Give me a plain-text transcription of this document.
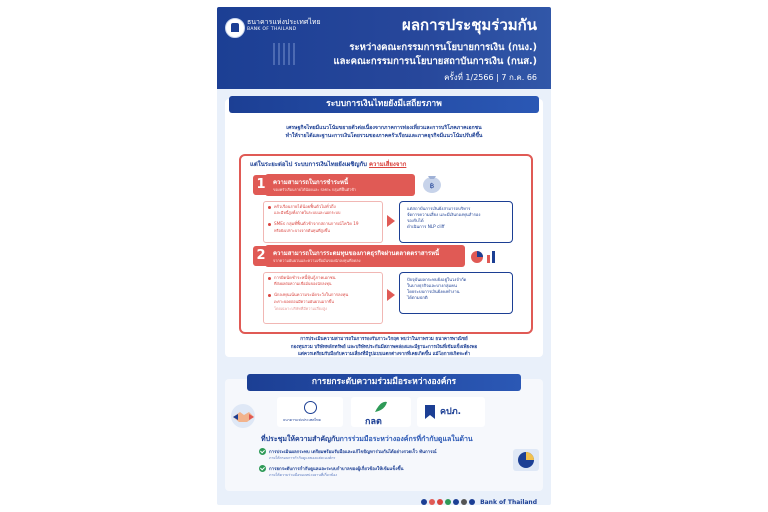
ธนาคารแห่งประเทศไทย
BANK OF THAILAND	ผลการประชุมร่วมกัน
ระหว่างคณะกรรมการนโยบายการเงิน (กนง.)
และคณะกรรมการนโยบายสถาบันการเงิน (กนส.)
ครั้งที่ 1/2566 | 7 ก.ค. 66
ระบบการเงินไทยยังมีเสถียรภาพ
เศรษฐกิจไทยมีแนวโน้มขยายตัวต่อเนื่องจากภาคการท่องเที่ยวและการบริโภคภาคเอกชน
ทำให้รายได้และฐานะการเงินโดยรวมของภาคครัวเรือนและภาคธุรกิจมีแนวโน้มปรับดีขึ้น
แต่ในระยะต่อไป ระบบการเงินไทยยังเผชิญกับ ความเสี่ยงจาก
1	ความสามารถในการชำระหนี้
ของครัวเรือนรายได้น้อยและ SMEs กลุ่มที่ฟื้นตัวช้า	฿
ครัวเรือนรายได้น้อยฟื้นตัวไม่ทั่วถึง
และมีหนี้สูงทั้งภาคในระบบและนอกระบบ
SMEs กลุ่มที่ฟื้นตัวช้าจากสถานการณ์โควิด 19
หรือยังเปราะบางจากต้นทุนที่สูงขึ้น
แต่สถาบันการเงินยังสามารถบริหาร
จัดการความเสี่ยง และมีเงินกองทุนสำรอง
รองรับได้
ดำเนินการ NLP cliff
2	ความสามารถในการระดมทุนของภาคธุรกิจผ่านตลาดตราสารหนี้
จากความผันผวนและความเชื่อมั่นของนักลงทุนที่ลดลง
การผิดนัดชำระหนี้หุ้นกู้ภาคเอกชน
ที่ส่งผลต่อความเชื่อมั่นของนักลงทุน
นักลงทุนเน้นความระมัดระวังในการลงทุน
เพราะยอดถอนมีความผันผวนมากขึ้น
โดยเฉพาะบริษัทที่มีความเสี่ยงสูง
ปัจจุบันผลกระทบยังอยู่ในวงจำกัด
ในบางธุรกิจและบางกลุ่มคน
โดยระบบการเงินยังคงทำงาน
ได้ตามปกติ
การประเมินความสามารถในการรองรับภาวะวิกฤต พบว่าในภาพรวม ธนาคารพาณิชย์
กองทุนรวม บริษัทหลักทรัพย์ และบริษัทประกันมีสภาพคล่องและมีฐานะการเงินที่เข้มแข็งเพียงพอ
แต่ควรเตรียมรับมือกับความเสี่ยงที่มีรูปแบบแตกต่างจากที่เคยเกิดขึ้น แม้โอกาสเกิดจะต่ำ
การยกระดับความร่วมมือระหว่างองค์กร
ธนาคารแห่งประเทศไทย	กลต
คปภ.
ที่ประชุมให้ความสำคัญกับการร่วมมือระหว่างองค์กรที่กำกับดูแลในด้าน
การประเมินผลกระทบ เตรียมพร้อมรับมือและแก้ไขปัญหาร่วมกันได้อย่างรวดเร็ว ทันการณ์
ภายใต้กรอบการกำกับดูแลของแต่ละองค์กร
การยกระดับการกำกับดูแลและระบบกำบาลของผู้เกี่ยวข้องให้เข้มแข็งขึ้น
ภายใต้ความร่วมมือของหน่วยงานที่เกี่ยวข้อง
Bank of Thailand
